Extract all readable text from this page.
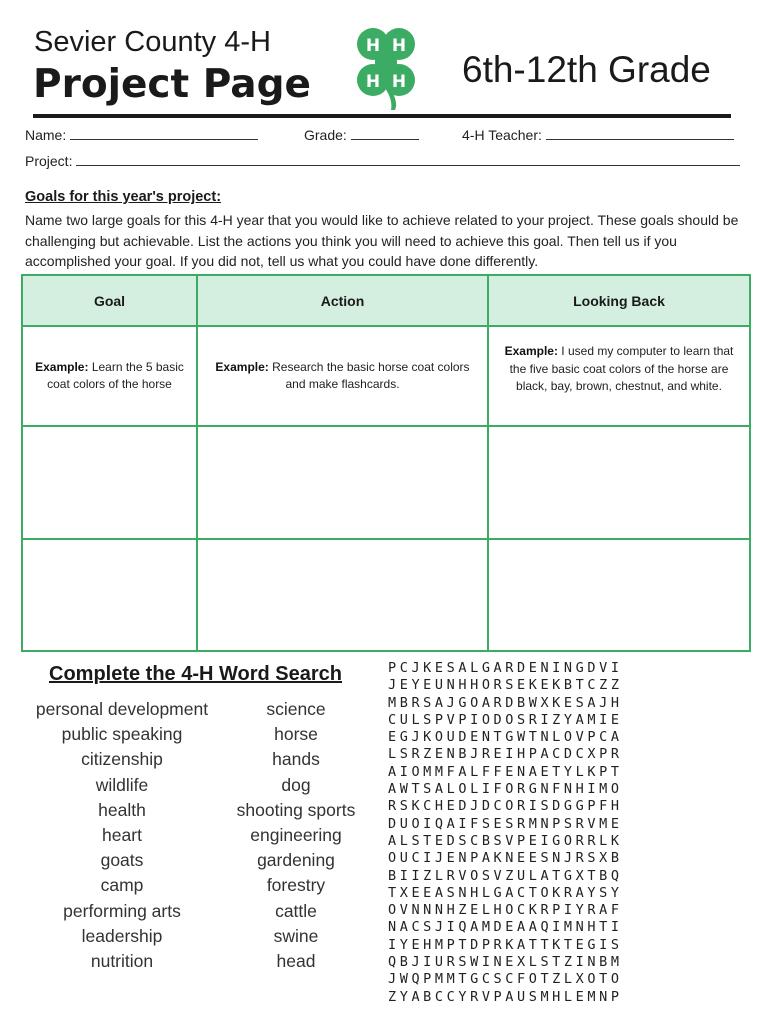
Sevier County 4-H
Project Page
H H
H H 6th-12th Grade
Name:	Grade:	4-H Teacher:
Project:
Goals for this year's project:
Name two large goals for this 4-H year that you would like to achieve related to your project. These goals should be challenging but achievable. List the actions you think you will need to achieve this goal. Then tell us if you accomplished your goal. If you did not, tell us what you could have done differently.
Goal	Action	Looking Back
Example: Learn the 5 basic coat colors of the horse	Example: Research the basic horse coat colors and make flashcards.	Example: I used my computer to learn that the five basic coat colors of the horse are black, bay, brown, chestnut, and white.

Complete the 4-H Word Search
personal development
public speaking
citizenship
wildlife
health
heart
goats
camp
performing arts
leadership
nutrition
science
horse
hands
dog
shooting sports
engineering
gardening
forestry
cattle
swine
head
PCJKESALGARDENINGDVI
JEYEUNHHORSEKEKBTCZZ
MBRSAJGOARDBWXKESAJH
CULSPVPIODOSRIZYAMIE
EGJKOUDENTGWTNLOVPCA
LSRZENBJREIHPACDCXPR
AIOMMFALFFENAETYLKPT
AWTSALOLIFORGNFNHIMO
RSKCHEDJDCORISDGGPFH
DUOIQAIFSESRMNPSRVME
ALSTEDSCBSVPEIGORRLK
OUCIJENPAKNEESNJRSXB
BIIZLRVOSVZULATGXTBQ
TXEEASNHLGACTOKRAYSY
OVNNNHZELHOCKRPIYRAF
NACSJIQAMDEAAQIMNHTI
IYEHMPTDPRKATTKTEGIS
QBJIURSWINEXLSTZINBM
JWQPMMTGCSCFOTZLXOTO
ZYABCCYRVPAUSMHLEMNP
